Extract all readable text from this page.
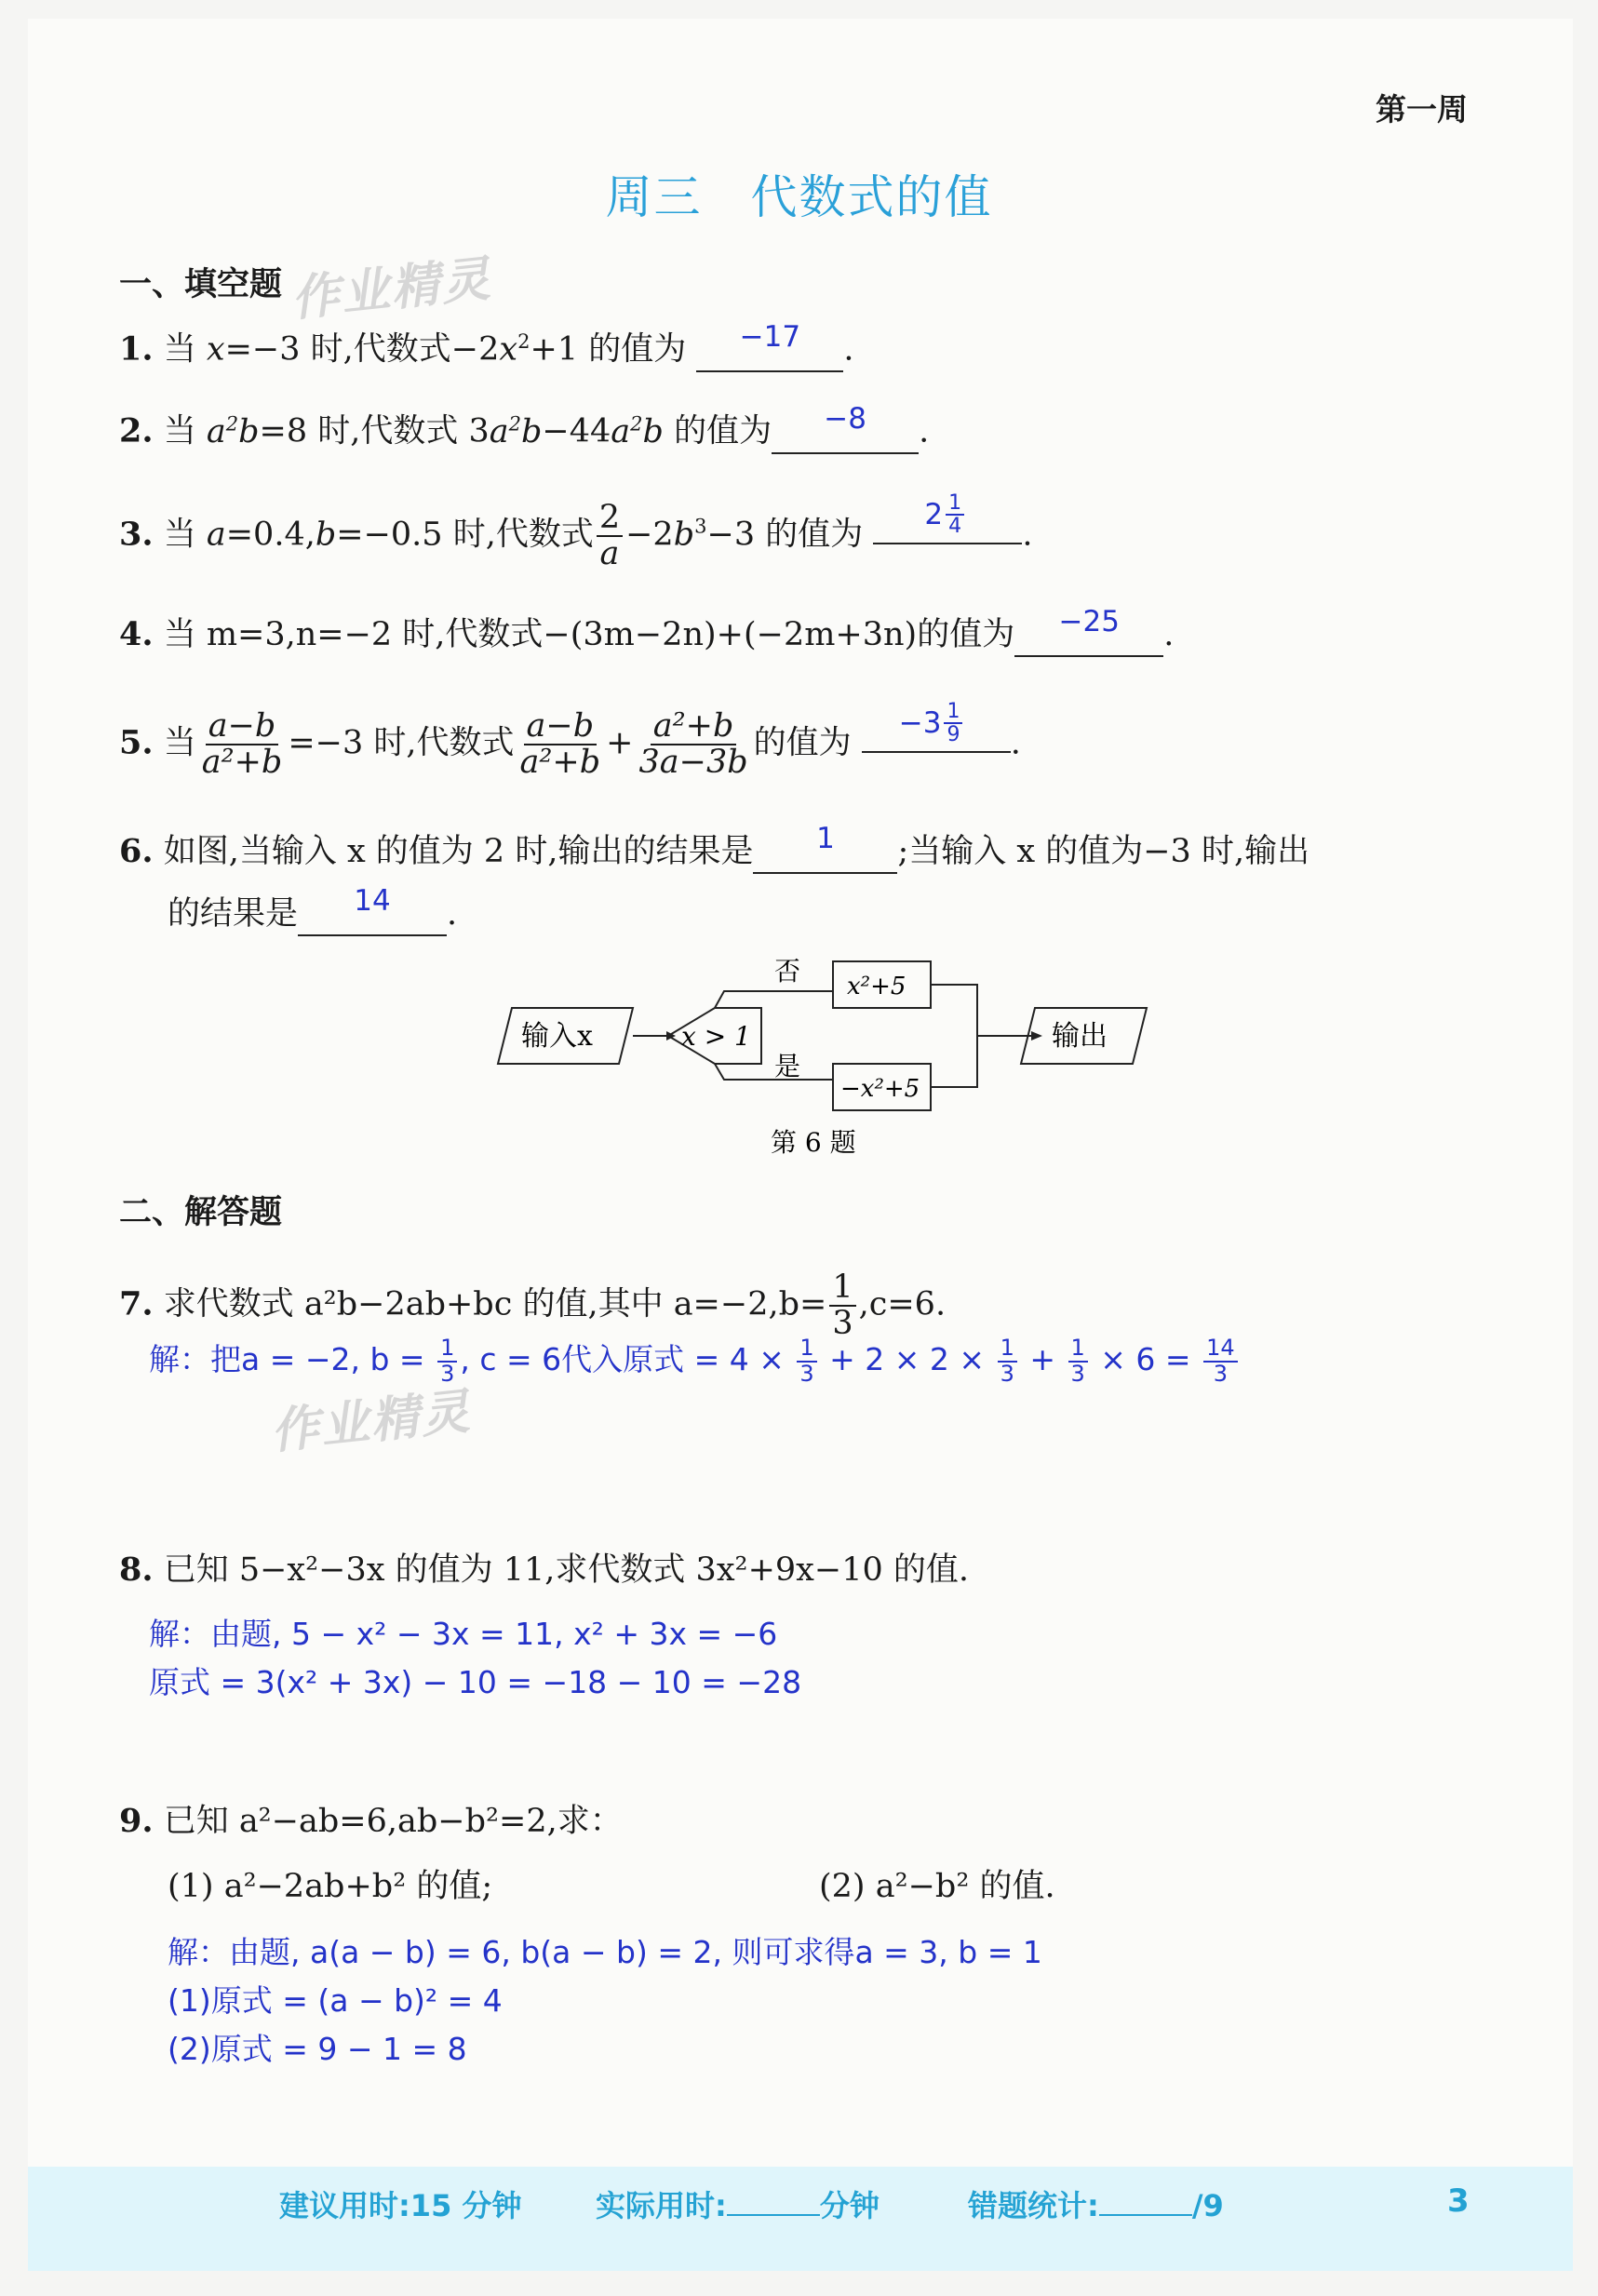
第一周
周三　代数式的值
作业精灵
作业精灵
一、填空题
1. 当 x=−3 时,代数式$-2x^2+1$ 的值为	−17	.
2. 当 $a^2b=8$ 时,代数式 $3a^2b-44a^2b$ 的值为	−8	.
3. 当 a=0.4,b=−0.5 时,代数式 $\frac{2}{a} -2b^3-3$ 的值为
$2 \frac{1}{4}$ .
4. 当 m=3,n=−2 时,代数式−(3m−2n)+(−2m+3n)的值为	−25	.
5. 当 $\frac{a-b}{\text{a²+b}} =-3$ 时,代数式 $\frac{a-b}{\text{a²+b}} + \frac{\text{a²+b}}{3a-3b}$ 的值为
$-3 \frac{1}{9}$ .
6. 如图,当输入 x 的值为 2 时,输出的结果是	1	;当输入 x 的值为−3 时,输出
的结果是	14	.
输入x	x > 1
否
是
x²+5
−x²+5
输出
第 6 题
二、解答题
7. 求代数式 a²b−2ab+bc 的值,其中 $a=-2,b= \frac{1}{3} ,c=6$.
解：把a = −2, $b = \frac{1}{3}$ , c = 6代入原式 = $4 \times \frac{1}{3} + 2 \times 2 \times \frac{1}{3} + \frac{1}{3} \times 6 = \frac{14}{3}$
8. 已知 5−x²−3x 的值为 11,求代数式 3x²+9x−10 的值.
解：由题, 5 − x² − 3x = 11, x² + 3x = −6
原式 = 3(x² + 3x) − 10 = −18 − 10 = −28
9. 已知 a²−ab=6,ab−b²=2,求：
(1) a²−2ab+b² 的值;	(2) a²−b² 的值.
解：由题, a(a − b) = 6, b(a − b) = 2, 则可求得a = 3, b = 1
(1)原式 = (a − b)² = 4
(2)原式 = 9 − 1 = 8
建议用时:15 分钟 实际用时:	分钟	错题统计:	/9	3
